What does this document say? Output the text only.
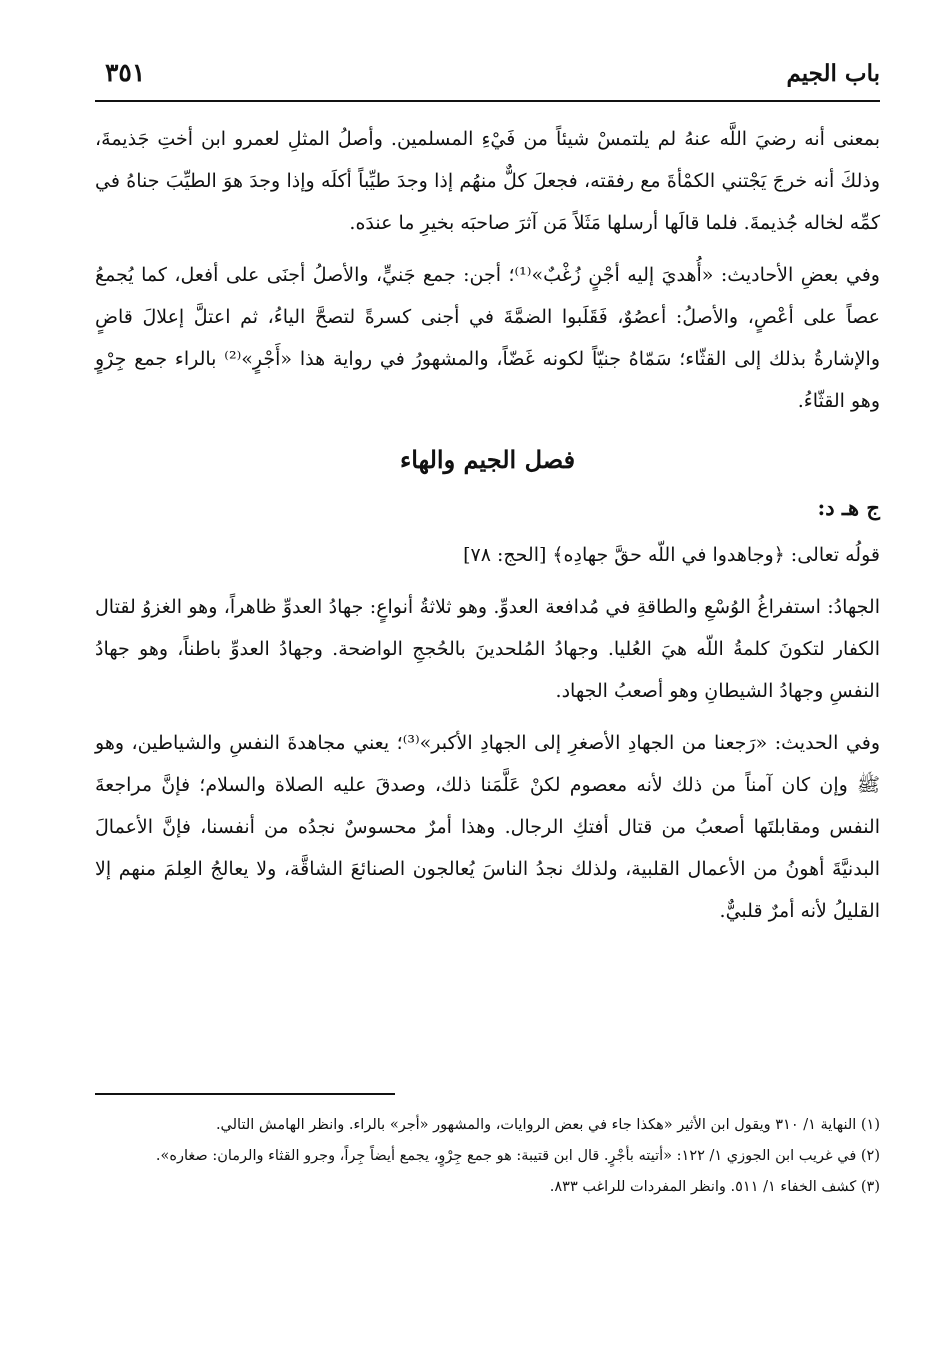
باب الجيم
٣٥١

بمعنى أنه رضيَ اللَّه عنهُ لم يلتمسْ شيئاً من فَيْءِ المسلمين. وأصلُ المثلِ لعمرو ابن أختِ جَذيمةَ، وذلكَ أنه خرجَ يَجْتني الكمْأةَ مع رفقته، فجعلَ كلٌّ منهُم إذا وجدَ طيِّباً أكلَه وإذا وجدَ هوَ الطيِّبَ جناهُ في كمِّه لخاله جُذيمةَ. فلما قالَها أرسلها مَثَلاً مَن آثرَ صاحبَه بخيرِ ما عندَه.

وفي بعضِ الأحاديث: «أُهديَ إليه أجْنٍ زُغْبٌ»⁽¹⁾؛ أجن: جمع جَنيٍّ، والأصلُ أجنَى على أفعل، كما يُجمعُ عصاً على أعْصٍ، والأصلُ: أعصُوٌ، فَقَلَبوا الضمَّةَ في أجنى كسرةً لتصحَّ الياءُ، ثم اعتلَّ إعلالَ قاضٍ والإشارةُ بذلك إلى القثّاء؛ سَمّاهُ جنيّاً لكونه غَضّاً، والمشهورُ في رواية هذا «أَجْرٍ»⁽²⁾ بالراء جمع جِرْوٍ وهو القثّاءُ.

فصل الجيم والهاء
ج هـ د:

قولُه تعالى: ﴿وجاهدوا في اللّه حقَّ جهادِه﴾ [الحج: ٧٨]

الجهادُ: استفراغُ الوُسْعِ والطاقةِ في مُدافعة العدوِّ. وهو ثلاثةُ أنواعٍ: جهادُ العدوِّ ظاهراً، وهو الغزوُ لقتال الكفار لتكونَ كلمةُ اللّه هيَ العُليا. وجهادُ المُلحدينَ بالحُججِ الواضحة. وجهادُ العدوِّ باطناً، وهو جهادُ النفسِ وجهادُ الشيطانِ وهو أصعبُ الجهاد.

وفي الحديث: «رَجعنا من الجهادِ الأصغرِ إلى الجهادِ الأكبر»⁽³⁾؛ يعني مجاهدةَ النفسِ والشياطين، وهو ﷺ وإن كان آمناً من ذلك لأنه معصوم لكنْ عَلَّمَنا ذلك، وصدقَ عليه الصلاة والسلام؛ فإنَّ مراجعةَ النفس ومقابلتَها أصعبُ من قتال أفتكِ الرجال. وهذا أمرٌ محسوسٌ نجدُه من أنفسنا، فإنَّ الأعمالَ البدنيَّةَ أهونُ من الأعمال القلبية، ولذلك نجدُ الناسَ يُعالجون الصنائعَ الشاقَّة، ولا يعالجُ العِلمَ منهم إلا القليلُ لأنه أمرٌ قلبيٌّ.

(١) النهاية ١/ ٣١٠ ويقول ابن الأثير «هكذا جاء في بعض الروايات، والمشهور «أجر» بالراء. وانظر الهامش التالي.

(٢) في غريب ابن الجوزي ١/ ١٢٢: «أتيته بأجْرٍ. قال ابن قتيبة: هو جمع جِرْوٍ، يجمع أيضاً جِراً، وجرو القثاء والرمان: صغاره».

(٣) كشف الخفاء ١/ ٥١١. وانظر المفردات للراغب ٨٣٣.
